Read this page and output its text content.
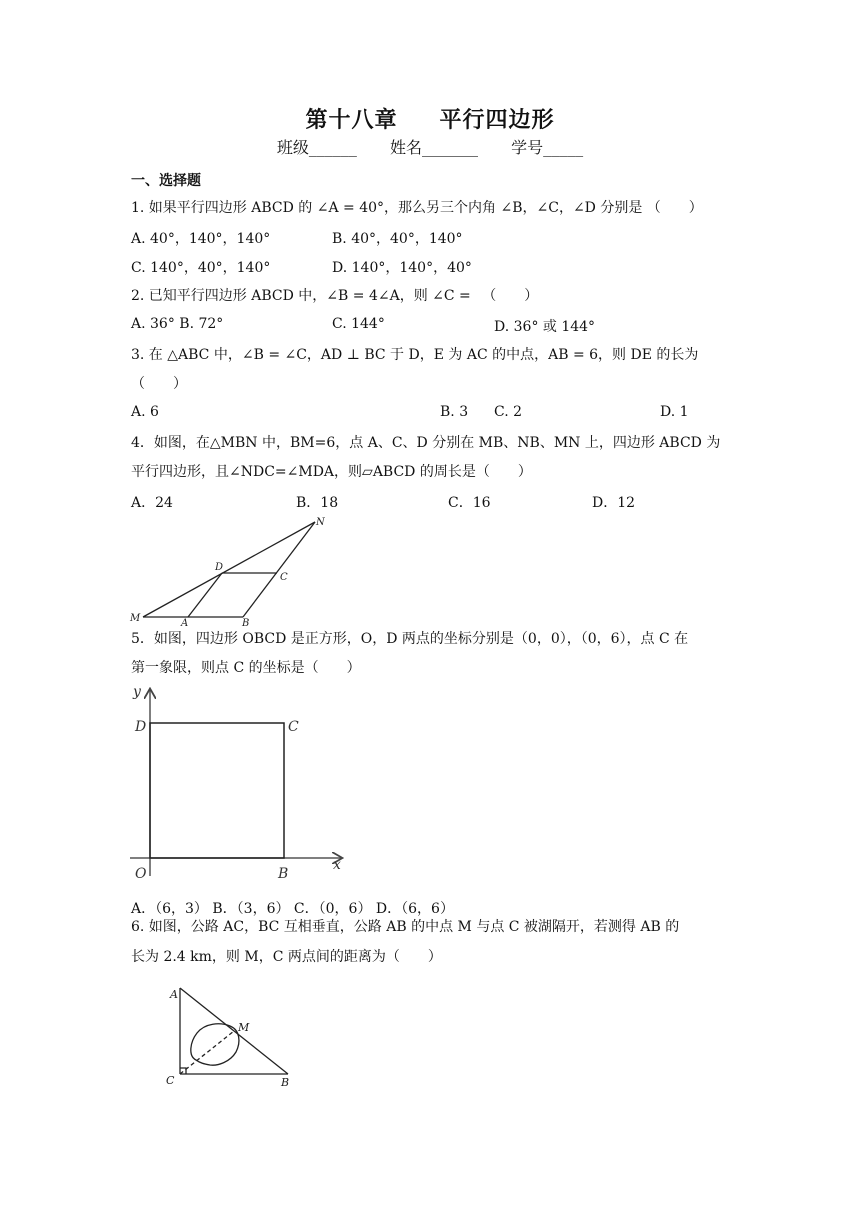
第十八章 平行四边形
班级______ 姓名_______ 学号_____
一、选择题
1. 如果平行四边形 ABCD 的 ∠A = 40°，那么另三个内角 ∠B，∠C，∠D 分别是 （　　）
A. 40°，140°，140°	B. 40°，40°，140°
C. 140°，40°，140°	D. 140°，140°，40°
2. 已知平行四边形 ABCD 中，∠B = 4∠A，则 ∠C = 　（　　）
A. 36° B. 72°	C. 144°	D. 36° 或 144°
3. 在 △ABC 中，∠B = ∠C，AD ⊥ BC 于 D，E 为 AC 的中点，AB = 6，则 DE 的长为
（　　）
A. 6	B. 3 C. 2	D. 1
4．如图，在△MBN 中，BM=6，点 A、C、D 分别在 MB、NB、MN 上，四边形 ABCD 为
平行四边形，且∠NDC=∠MDA，则▱ABCD 的周长是（　　）
A．24	B．18	C．16	D．12
N
D
C
M	A	B
5．如图，四边形 OBCD 是正方形，O，D 两点的坐标分别是（0，0），（0，6），点 C 在
第一象限，则点 C 的坐标是（　　）
y
x
D	C
O	B
A．（6，3） B．（3，6） C．（0，6） D．（6，6）
6. 如图，公路 AC，BC 互相垂直，公路 AB 的中点 M 与点 C 被湖隔开，若测得 AB 的
长为 2.4 km，则 M，C 两点间的距离为（　　）
A
M
C	B
